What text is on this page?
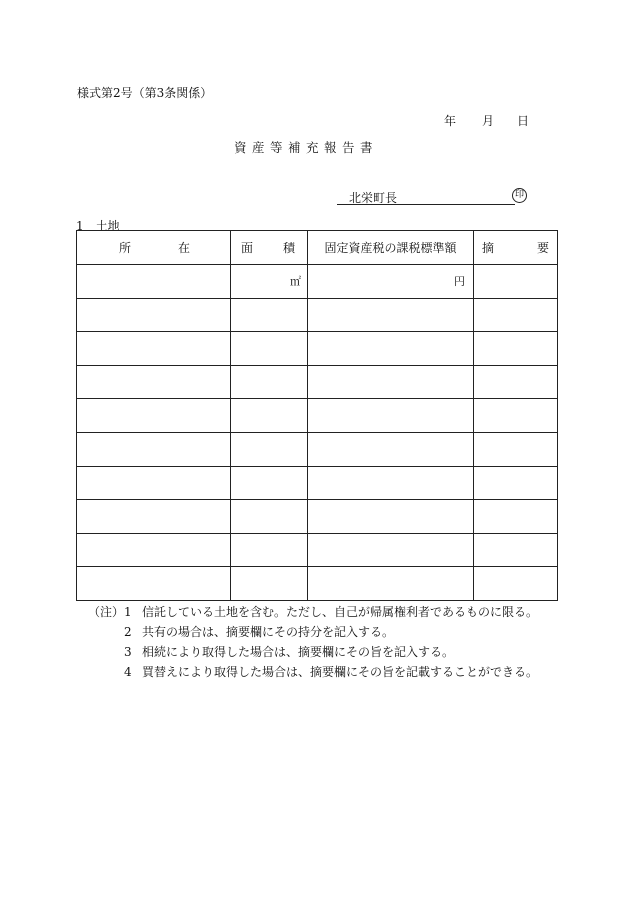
様式第2号（第3条関係）
年 月 日
資産等補充報告書
北栄町長	印
1 土地
所 在	面 積	固定資産税の課税標準額	摘 要

	㎡	円	

（注） 1 信託している土地を含む。ただし、自己が帰属権利者であるものに限る。
2 共有の場合は、摘要欄にその持分を記入する。
3 相続により取得した場合は、摘要欄にその旨を記入する。
4 買替えにより取得した場合は、摘要欄にその旨を記載することができる。
